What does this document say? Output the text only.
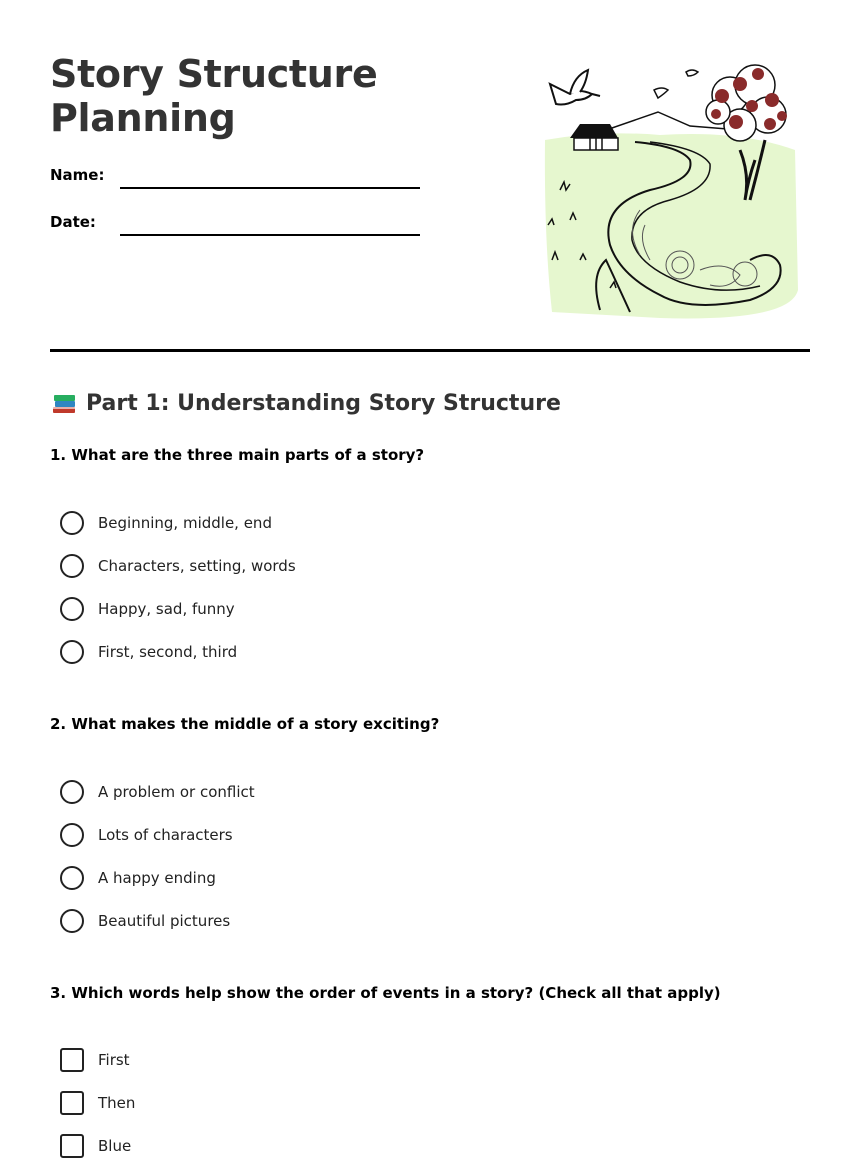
Story Structure
Planning
Name:
Date:
Part 1: Understanding Story Structure
1. What are the three main parts of a story?
Beginning, middle, end
Characters, setting, words
Happy, sad, funny
First, second, third
2. What makes the middle of a story exciting?
A problem or conflict
Lots of characters
A happy ending
Beautiful pictures
3. Which words help show the order of events in a story? (Check all that apply)
First
Then
Blue
